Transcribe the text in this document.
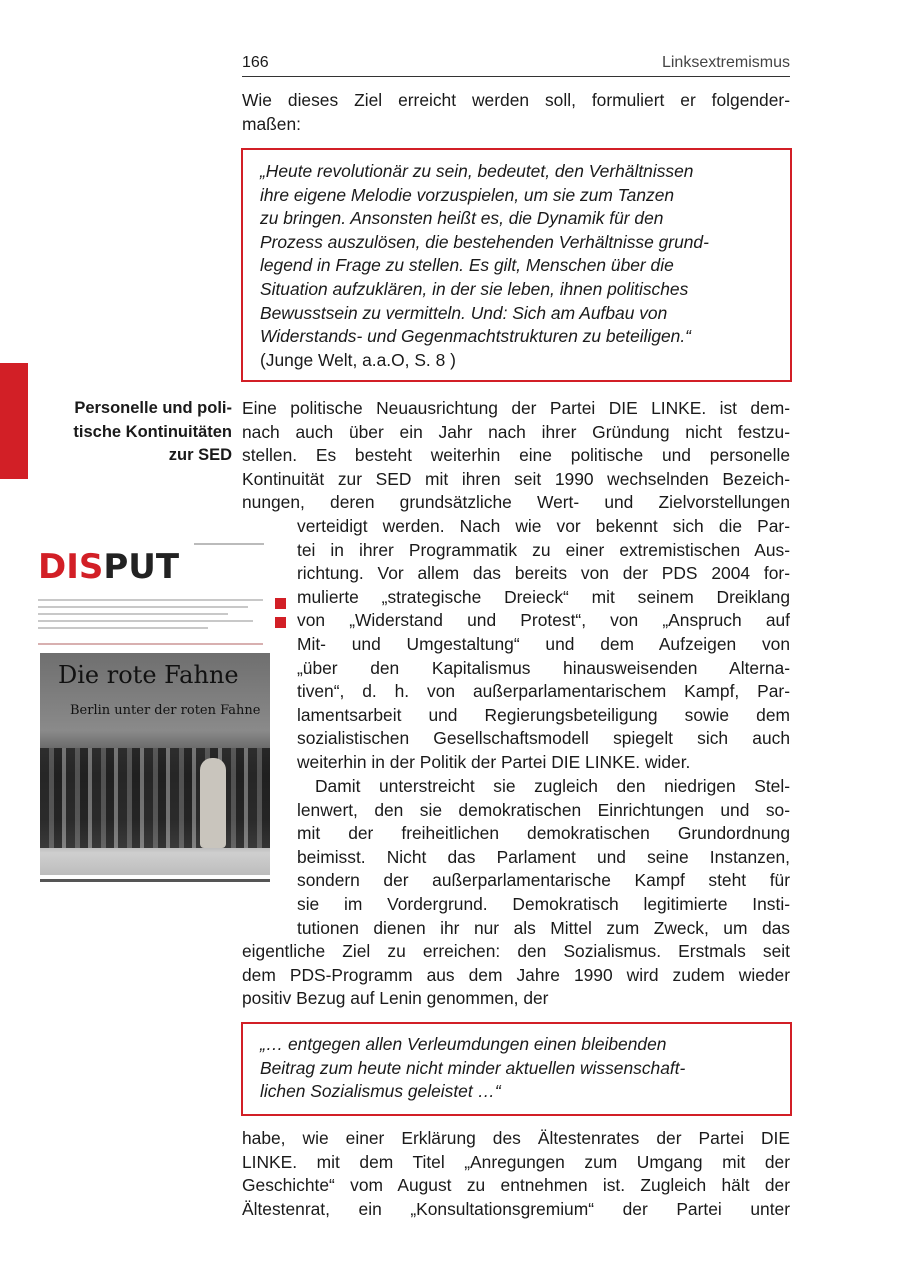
166	Linksextremismus
Wie dieses Ziel erreicht werden soll, formuliert er folgender-
maßen:
„Heute revolutionär zu sein, bedeutet, den Verhältnissen
ihre eigene Melodie vorzuspielen, um sie zum Tanzen
zu bringen. Ansonsten heißt es, die Dynamik für den
Prozess auszulösen, die bestehenden Verhältnisse grund-
legend in Frage zu stellen. Es gilt, Menschen über die
Situation aufzuklären, in der sie leben, ihnen politisches
Bewusstsein zu vermitteln. Und: Sich am Aufbau von
Widerstands- und Gegenmachtstrukturen zu beteiligen.“
(Junge Welt, a.a.O, S. 8 )
Personelle und poli-
tische Kontinuitäten
zur SED
Eine politische Neuausrichtung der Partei DIE LINKE. ist dem-
nach auch über ein Jahr nach ihrer Gründung nicht festzu-
stellen. Es besteht weiterhin eine politische und personelle
Kontinuität zur SED mit ihren seit 1990 wechselnden Bezeich-
nungen, deren grundsätzliche Wert- und Zielvorstellungen
verteidigt werden. Nach wie vor bekennt sich die Par-
tei in ihrer Programmatik zu einer extremistischen Aus-
richtung. Vor allem das bereits von der PDS 2004 for-
mulierte „strategische Dreieck“ mit seinem Dreiklang
von „Widerstand und Protest“, von „Anspruch auf
Mit- und Umgestaltung“ und dem Aufzeigen von
„über den Kapitalismus hinausweisenden Alterna-
tiven“, d. h. von außerparlamentarischem Kampf, Par-
lamentsarbeit und Regierungsbeteiligung sowie dem
sozialistischen Gesellschaftsmodell spiegelt sich auch
weiterhin in der Politik der Partei DIE LINKE. wider.
Damit unterstreicht sie zugleich den niedrigen Stel-
lenwert, den sie demokratischen Einrichtungen und so-
mit der freiheitlichen demokratischen Grundordnung
beimisst. Nicht das Parlament und seine Instanzen,
sondern der außerparlamentarische Kampf steht für
sie im Vordergrund. Demokratisch legitimierte Insti-
tutionen dienen ihr nur als Mittel zum Zweck, um das
eigentliche Ziel zu erreichen: den Sozialismus. Erstmals seit
dem PDS-Programm aus dem Jahre 1990 wird zudem wieder
positiv Bezug auf Lenin genommen, der
„… entgegen allen Verleumdungen einen bleibenden
Beitrag zum heute nicht minder aktuellen wissenschaft-
lichen Sozialismus geleistet …“
habe, wie einer Erklärung des Ältestenrates der Partei DIE
LINKE. mit dem Titel „Anregungen zum Umgang mit der
Geschichte“ vom August zu entnehmen ist. Zugleich hält der
Ältestenrat, ein „Konsultationsgremium“ der Partei unter
DISPUT
Die rote Fahne
Berlin unter der roten Fahne
